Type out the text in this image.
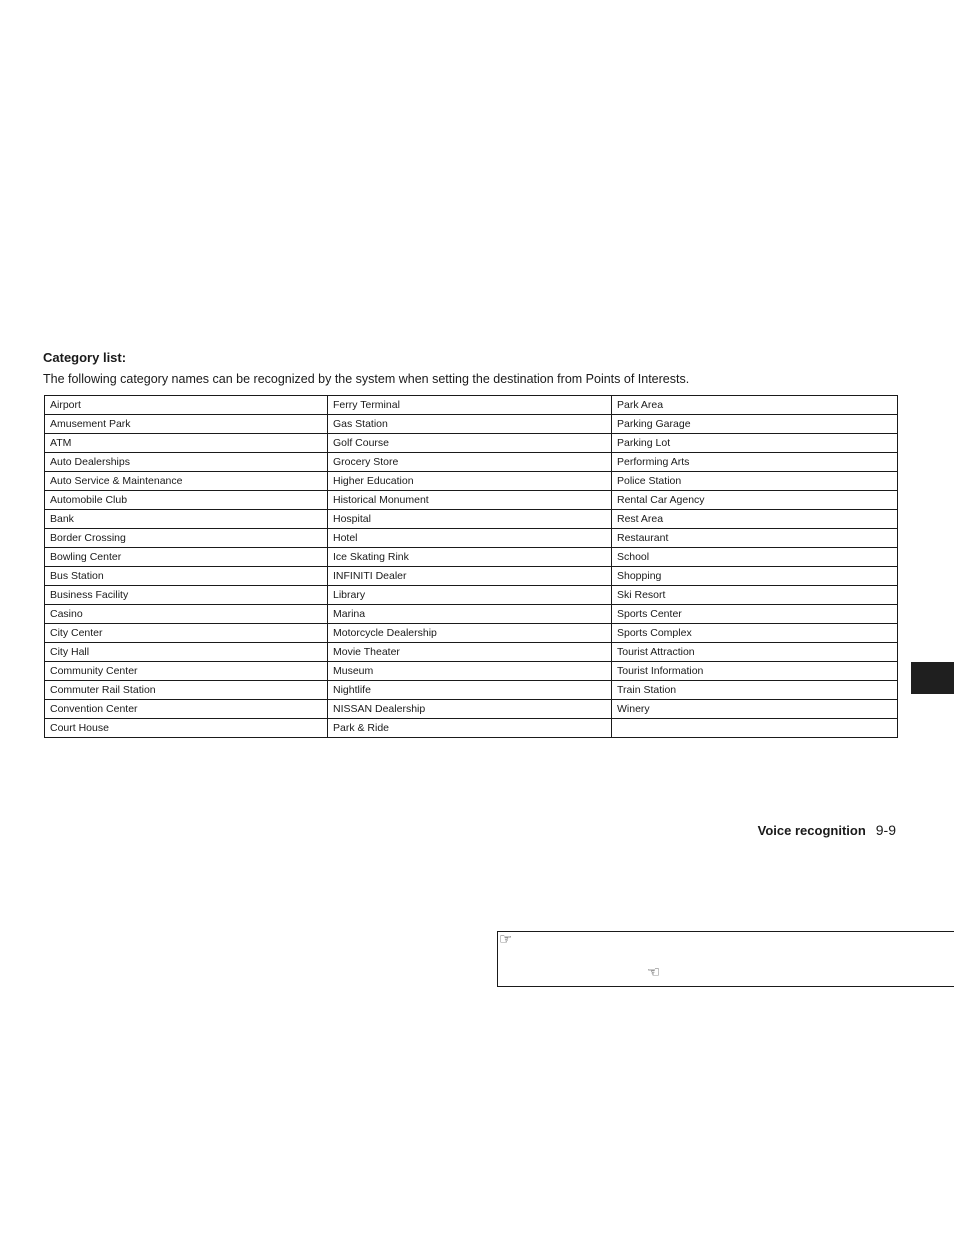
Category list:

The following category names can be recognized by the system when setting the destination from Points of Interests.

Airport	Ferry Terminal	Park Area
Amusement Park	Gas Station	Parking Garage
ATM	Golf Course	Parking Lot
Auto Dealerships	Grocery Store	Performing Arts
Auto Service & Maintenance	Higher Education	Police Station
Automobile Club	Historical Monument	Rental Car Agency
Bank	Hospital	Rest Area
Border Crossing	Hotel	Restaurant
Bowling Center	Ice Skating Rink	School
Bus Station	INFINITI Dealer	Shopping
Business Facility	Library	Ski Resort
Casino	Marina	Sports Center
City Center	Motorcycle Dealership	Sports Complex
City Hall	Movie Theater	Tourist Attraction
Community Center	Museum	Tourist Information
Commuter Rail Station	Nightlife	Train Station
Convention Center	NISSAN Dealership	Winery
Court House	Park & Ride	
Voice recognition 9-9
☞
☜
